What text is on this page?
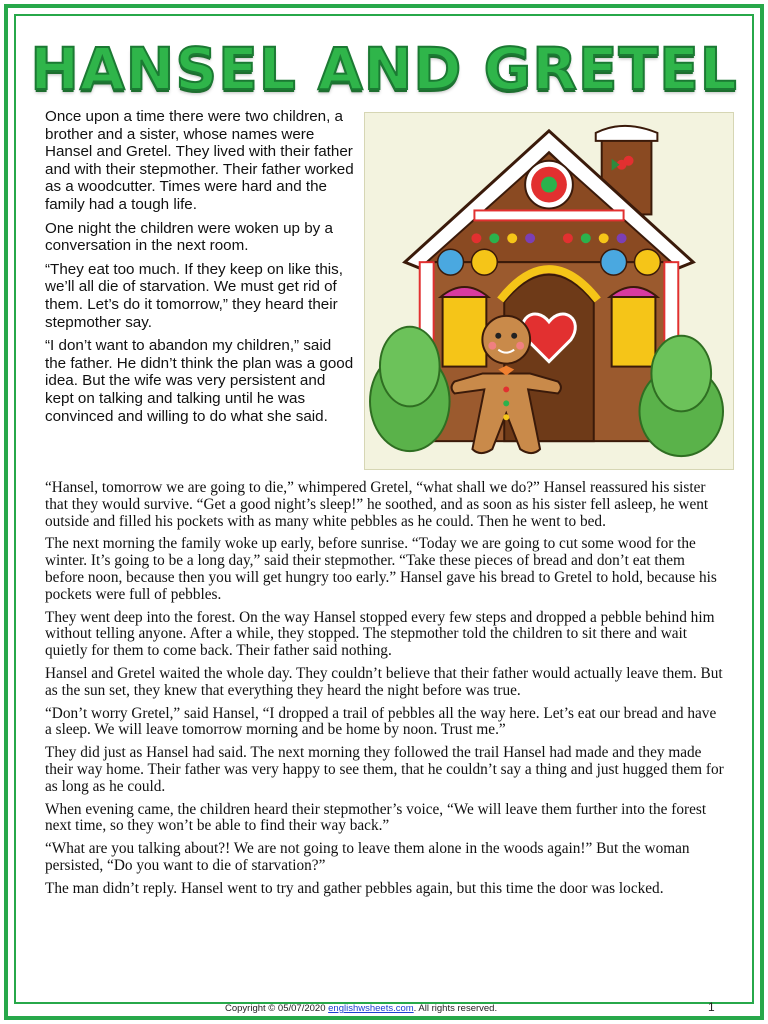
HANSEL AND GRETEL

Once upon a time there were two children, a brother and a sister, whose names were Hansel and Gretel. They lived with their father and with their stepmother. Their father worked as a woodcutter. Times were hard and the family had a tough life.

One night the children were woken up by a conversation in the next room.

“They eat too much. If they keep on like this, we’ll all die of starvation. We must get rid of them. Let’s do it tomorrow,” they heard their stepmother say.

“I don’t want to abandon my children,” said the father. He didn’t think the plan was a good idea. But the wife was very persistent and kept on talking and talking until he was convinced and willing to do what she said.

“Hansel, tomorrow we are going to die,” whimpered Gretel, “what shall we do?” Hansel reassured his sister that they would survive. “Get a good night’s sleep!” he soothed, and as soon as his sister fell asleep, he went outside and filled his pockets with as many white pebbles as he could. Then he went to bed.

The next morning the family woke up early, before sunrise. “Today we are going to cut some wood for the winter. It’s going to be a long day,” said their stepmother. “Take these pieces of bread and don’t eat them before noon, because then you will get hungry too early.” Hansel gave his bread to Gretel to hold, because his pockets were full of pebbles.

They went deep into the forest. On the way Hansel stopped every few steps and dropped a pebble behind him without telling anyone. After a while, they stopped. The stepmother told the children to sit there and wait quietly for them to come back. Their father said nothing.

Hansel and Gretel waited the whole day. They couldn’t believe that their father would actually leave them. But as the sun set, they knew that everything they heard the night before was true.

“Don’t worry Gretel,” said Hansel, “I dropped a trail of pebbles all the way here. Let’s eat our bread and have a sleep. We will leave tomorrow morning and be home by noon. Trust me.”

They did just as Hansel had said. The next morning they followed the trail Hansel had made and they made their way home. Their father was very happy to see them, that he couldn’t say a thing and just hugged them for as long as he could.

When evening came, the children heard their stepmother’s voice, “We will leave them further into the forest next time, so they won’t be able to find their way back.”

“What are you talking about?! We are not going to leave them alone in the woods again!” But the woman persisted, “Do you want to die of starvation?”

The man didn’t reply. Hansel went to try and gather pebbles again, but this time the door was locked.

Copyright © 05/07/2020 englishwsheets.com. All rights reserved.	1
